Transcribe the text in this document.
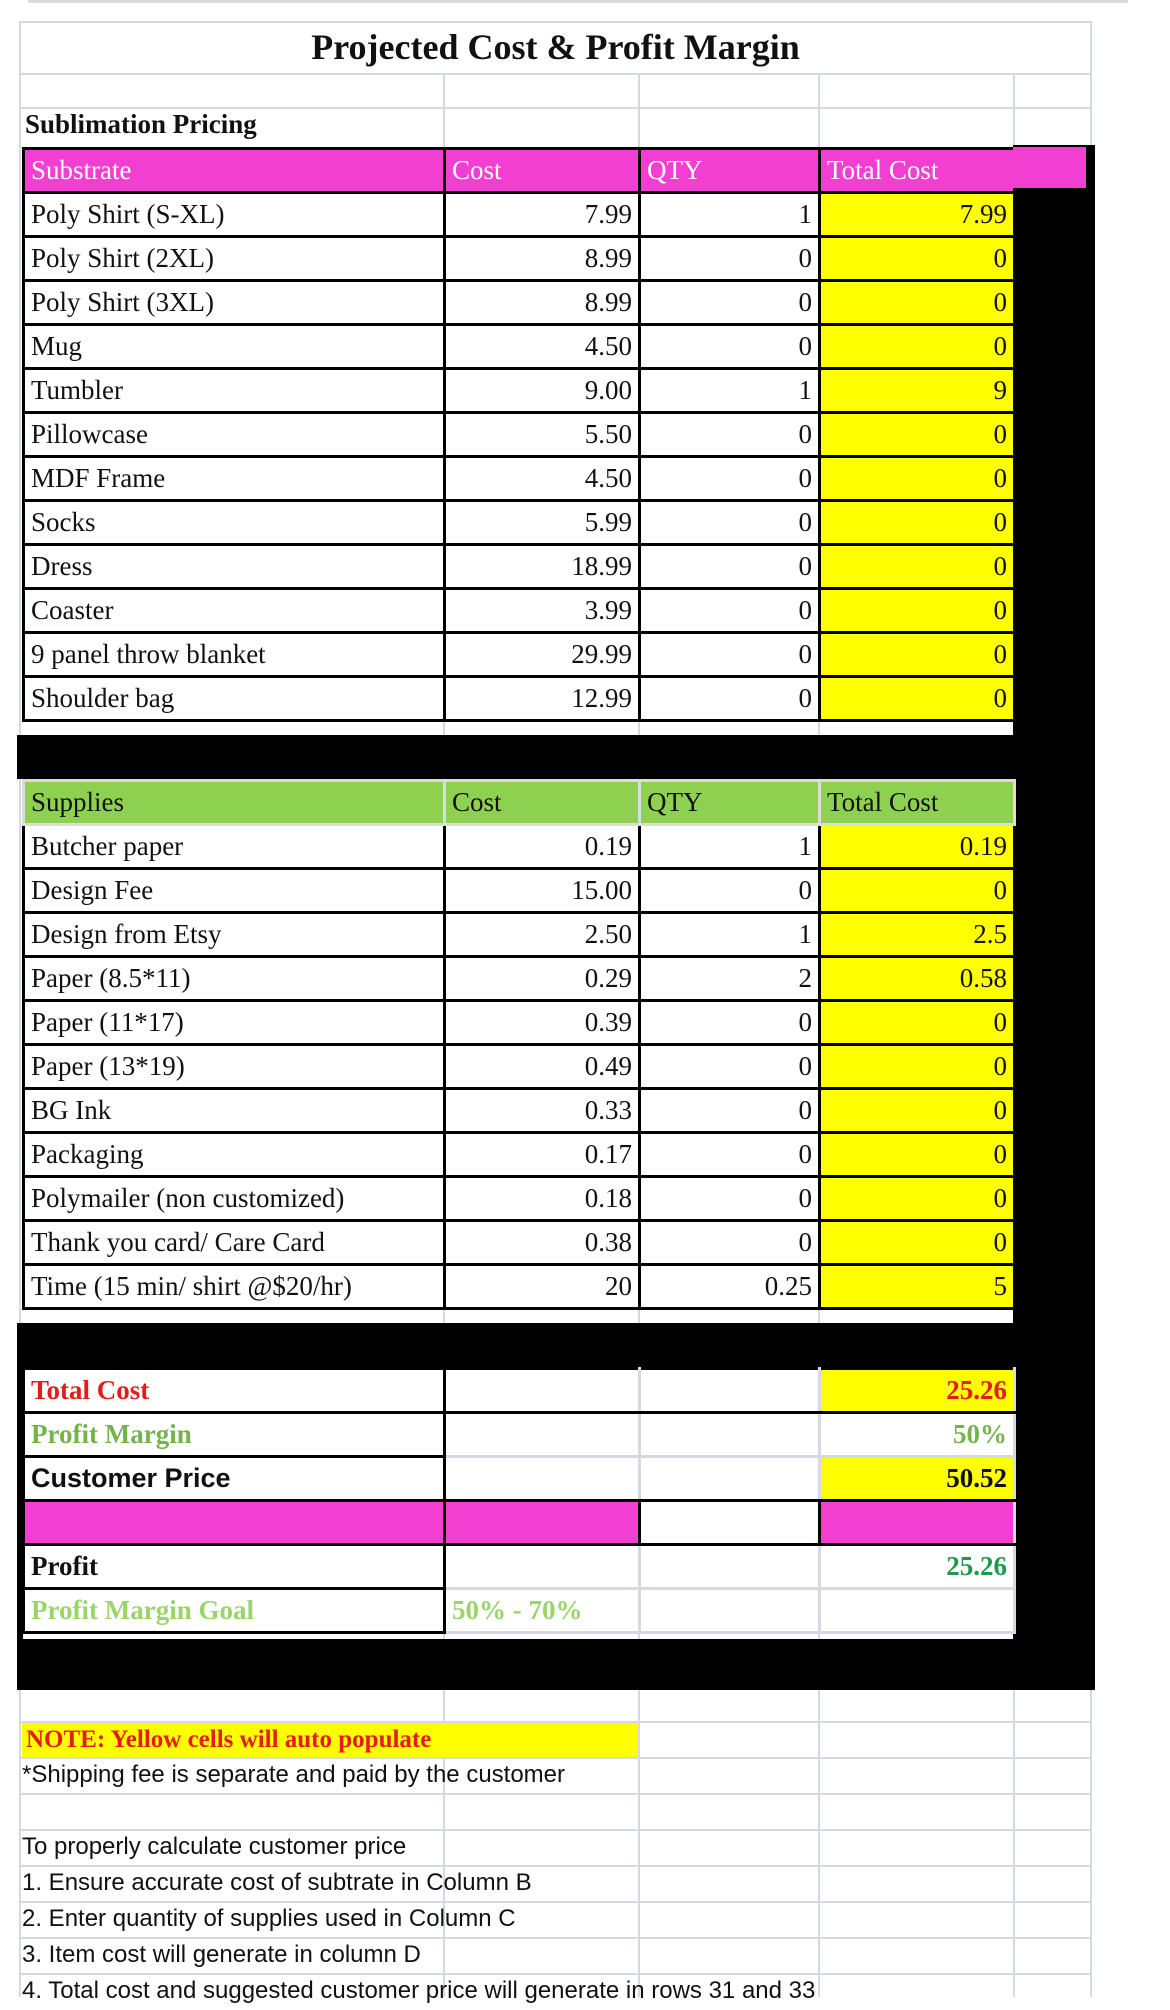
Projected Cost & Profit Margin
Sublimation Pricing
Substrate	Cost	QTY	Total Cost
Poly Shirt (S-XL)	7.99	1	7.99
Poly Shirt (2XL)	8.99	0	0
Poly Shirt (3XL)	8.99	0	0
Mug	4.50	0	0
Tumbler	9.00	1	9
Pillowcase	5.50	0	0
MDF Frame	4.50	0	0
Socks	5.99	0	0
Dress	18.99	0	0
Coaster	3.99	0	0
9 panel throw blanket	29.99	0	0
Shoulder bag	12.99	0	0
Supplies	Cost	QTY	Total Cost
Butcher paper	0.19	1	0.19
Design Fee	15.00	0	0
Design from Etsy	2.50	1	2.5
Paper (8.5*11)	0.29	2	0.58
Paper (11*17)	0.39	0	0
Paper (13*19)	0.49	0	0
BG Ink	0.33	0	0
Packaging	0.17	0	0
Polymailer (non customized)	0.18	0	0
Thank you card/ Care Card	0.38	0	0
Time (15 min/ shirt @$20/hr)	20	0.25	5
Total Cost			25.26
Profit Margin			50%
Customer Price			50.52

Profit			25.26
Profit Margin Goal	50% - 70%		
NOTE: Yellow cells will auto populate
*Shipping fee is separate and paid by the customer
To properly calculate customer price
1. Ensure accurate cost of subtrate in Column B
2. Enter quantity of supplies used in Column C
3. Item cost will generate in column D
4. Total cost and suggested customer price will generate in rows 31 and 33
